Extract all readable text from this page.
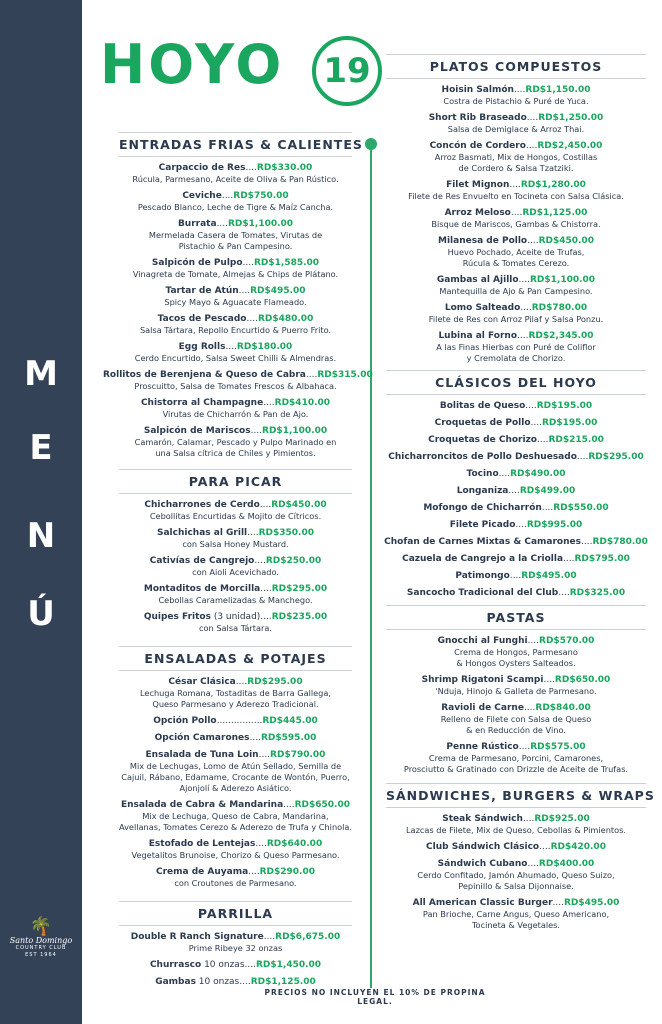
M
E
N
Ú
🌴
Santo Domingo
COUNTRY CLUB
EST 1964
HOYO	19
ENTRADAS FRIAS & CALIENTES
Carpaccio de Res....RD$330.00
Rúcula, Parmesano, Aceite de Oliva & Pan Rústico.
Ceviche....RD$750.00
Pescado Blanco, Leche de Tigre & Maíz Cancha.
Burrata....RD$1,100.00
Mermelada Casera de Tomates, Virutas de
Pistachio & Pan Campesino.
Salpicón de Pulpo....RD$1,585.00
Vinagreta de Tomate, Almejas & Chips de Plátano.
Tartar de Atún....RD$495.00
Spicy Mayo & Aguacate Flameado.
Tacos de Pescado....RD$480.00
Salsa Tártara, Repollo Encurtido & Puerro Frito.
Egg Rolls....RD$180.00
Cerdo Encurtido, Salsa Sweet Chilli & Almendras.
Rollitos de Berenjena & Queso de Cabra....RD$315.00
Proscuitto, Salsa de Tomates Frescos & Albahaca.
Chistorra al Champagne....RD$410.00
Virutas de Chicharrón & Pan de Ajo.
Salpicón de Mariscos....RD$1,100.00
Camarón, Calamar, Pescado y Pulpo Marinado en
una Salsa cítrica de Chiles y Pimientos.
PARA PICAR
Chicharrones de Cerdo....RD$450.00
Cebollitas Encurtidas & Mojito de Cítricos.
Salchichas al Grill....RD$350.00
con Salsa Honey Mustard.
Cativías de Cangrejo....RD$250.00
con Aioli Acevichado.
Montaditos de Morcilla....RD$295.00
Cebollas Caramelizadas & Manchego.
Quipes Fritos (3 unidad)....RD$235.00
con Salsa Tártara.
ENSALADAS & POTAJES
César Clásica....RD$295.00
Lechuga Romana, Tostaditas de Barra Gallega,
Queso Parmesano y Aderezo Tradicional.
Opción Pollo................RD$445.00
Opción Camarones....RD$595.00
Ensalada de Tuna Loin....RD$790.00
Mix de Lechugas, Lomo de Atún Sellado, Semilla de
Cajuil, Rábano, Edamame, Crocante de Wontón, Puerro,
Ajonjolí & Aderezo Asiático.
Ensalada de Cabra & Mandarina....RD$650.00
Mix de Lechuga, Queso de Cabra, Mandarina,
Avellanas, Tomates Cerezo & Aderezo de Trufa y Chinola.
Estofado de Lentejas....RD$640.00
Vegetalitos Brunoise, Chorizo & Queso Parmesano.
Crema de Auyama....RD$290.00
con Croutones de Parmesano.
PARRILLA
Double R Ranch Signature....RD$6,675.00
Prime Ribeye 32 onzas
Churrasco 10 onzas....RD$1,450.00
Gambas 10 onzas....RD$1,125.00
PLATOS COMPUESTOS
Hoisin Salmón....RD$1,150.00
Costra de Pistachio & Puré de Yuca.
Short Rib Braseado....RD$1,250.00
Salsa de Demiglace & Arroz Thai.
Concón de Cordero....RD$2,450.00
Arroz Basmati, Mix de Hongos, Costillas
de Cordero & Salsa Tzatziki.
Filet Mignon....RD$1,280.00
Filete de Res Envuelto en Tocineta con Salsa Clásica.
Arroz Meloso....RD$1,125.00
Bisque de Mariscos, Gambas & Chistorra.
Milanesa de Pollo....RD$450.00
Huevo Pochado, Aceite de Trufas,
Rúcula & Tomates Cerezo.
Gambas al Ajillo....RD$1,100.00
Mantequilla de Ajo & Pan Campesino.
Lomo Salteado....RD$780.00
Filete de Res con Arroz Pilaf y Salsa Ponzu.
Lubina al Forno....RD$2,345.00
A las Finas Hierbas con Puré de Coliflor
y Cremolata de Chorizo.
CLÁSICOS DEL HOYO
Bolitas de Queso....RD$195.00
Croquetas de Pollo....RD$195.00
Croquetas de Chorizo....RD$215.00
Chicharroncitos de Pollo Deshuesado....RD$295.00
Tocino....RD$490.00
Longaniza....RD$499.00
Mofongo de Chicharrón....RD$550.00
Filete Picado....RD$995.00
Chofan de Carnes Mixtas & Camarones....RD$780.00
Cazuela de Cangrejo a la Criolla....RD$795.00
Patimongo....RD$495.00
Sancocho Tradicional del Club....RD$325.00
PASTAS
Gnocchi al Funghi....RD$570.00
Crema de Hongos, Parmesano
& Hongos Oysters Salteados.
Shrimp Rigatoni Scampi....RD$650.00
'Nduja, Hinojo & Galleta de Parmesano.
Ravioli de Carne....RD$840.00
Relleno de Filete con Salsa de Queso
& en Reducción de Vino.
Penne Rústico....RD$575.00
Crema de Parmesano, Porcini, Camarones,
Prosciutto & Gratinado con Drizzle de Aceite de Trufas.
SÁNDWICHES, BURGERS & WRAPS
Steak Sándwich....RD$925.00
Lazcas de Filete, Mix de Queso, Cebollas & Pimientos.
Club Sándwich Clásico....RD$420.00
Sándwich Cubano....RD$400.00
Cerdo Confitado, Jamón Ahumado, Queso Suizo,
Pepinillo & Salsa Dijonnaise.
All American Classic Burger....RD$495.00
Pan Brioche, Carne Angus, Queso Americano,
Tocineta & Vegetales.
PRECIOS NO INCLUYEN EL 10% DE PROPINA LEGAL.
